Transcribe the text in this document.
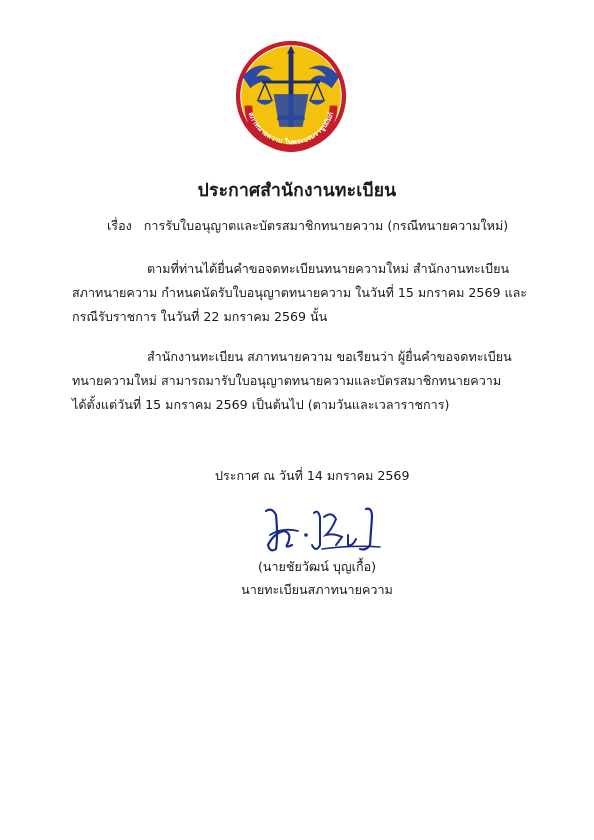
สภาทนายความ ในพระบรมราชูปถัมภ์
ประกาศสำนักงานทะเบียน
เรื่อง การรับใบอนุญาตและบัตรสมาชิกทนายความ (กรณีทนายความใหม่)
ตามที่ท่านได้ยื่นคำขอจดทะเบียนทนายความใหม่ สำนักงานทะเบียน
สภาทนายความ กำหนดนัดรับใบอนุญาตทนายความ ในวันที่ 15 มกราคม 2569 และ
กรณีรับราชการ ในวันที่ 22 มกราคม 2569 นั้น
สำนักงานทะเบียน สภาทนายความ ขอเรียนว่า ผู้ยื่นคำขอจดทะเบียน
ทนายความใหม่ สามารถมารับใบอนุญาตทนายความและบัตรสมาชิกทนายความ
ได้ตั้งแต่วันที่ 15 มกราคม 2569 เป็นต้นไป (ตามวันและเวลาราชการ)
ประกาศ ณ วันที่ 14 มกราคม 2569
(นายชัยวัฒน์ บุญเกื้อ)
นายทะเบียนสภาทนายความ
